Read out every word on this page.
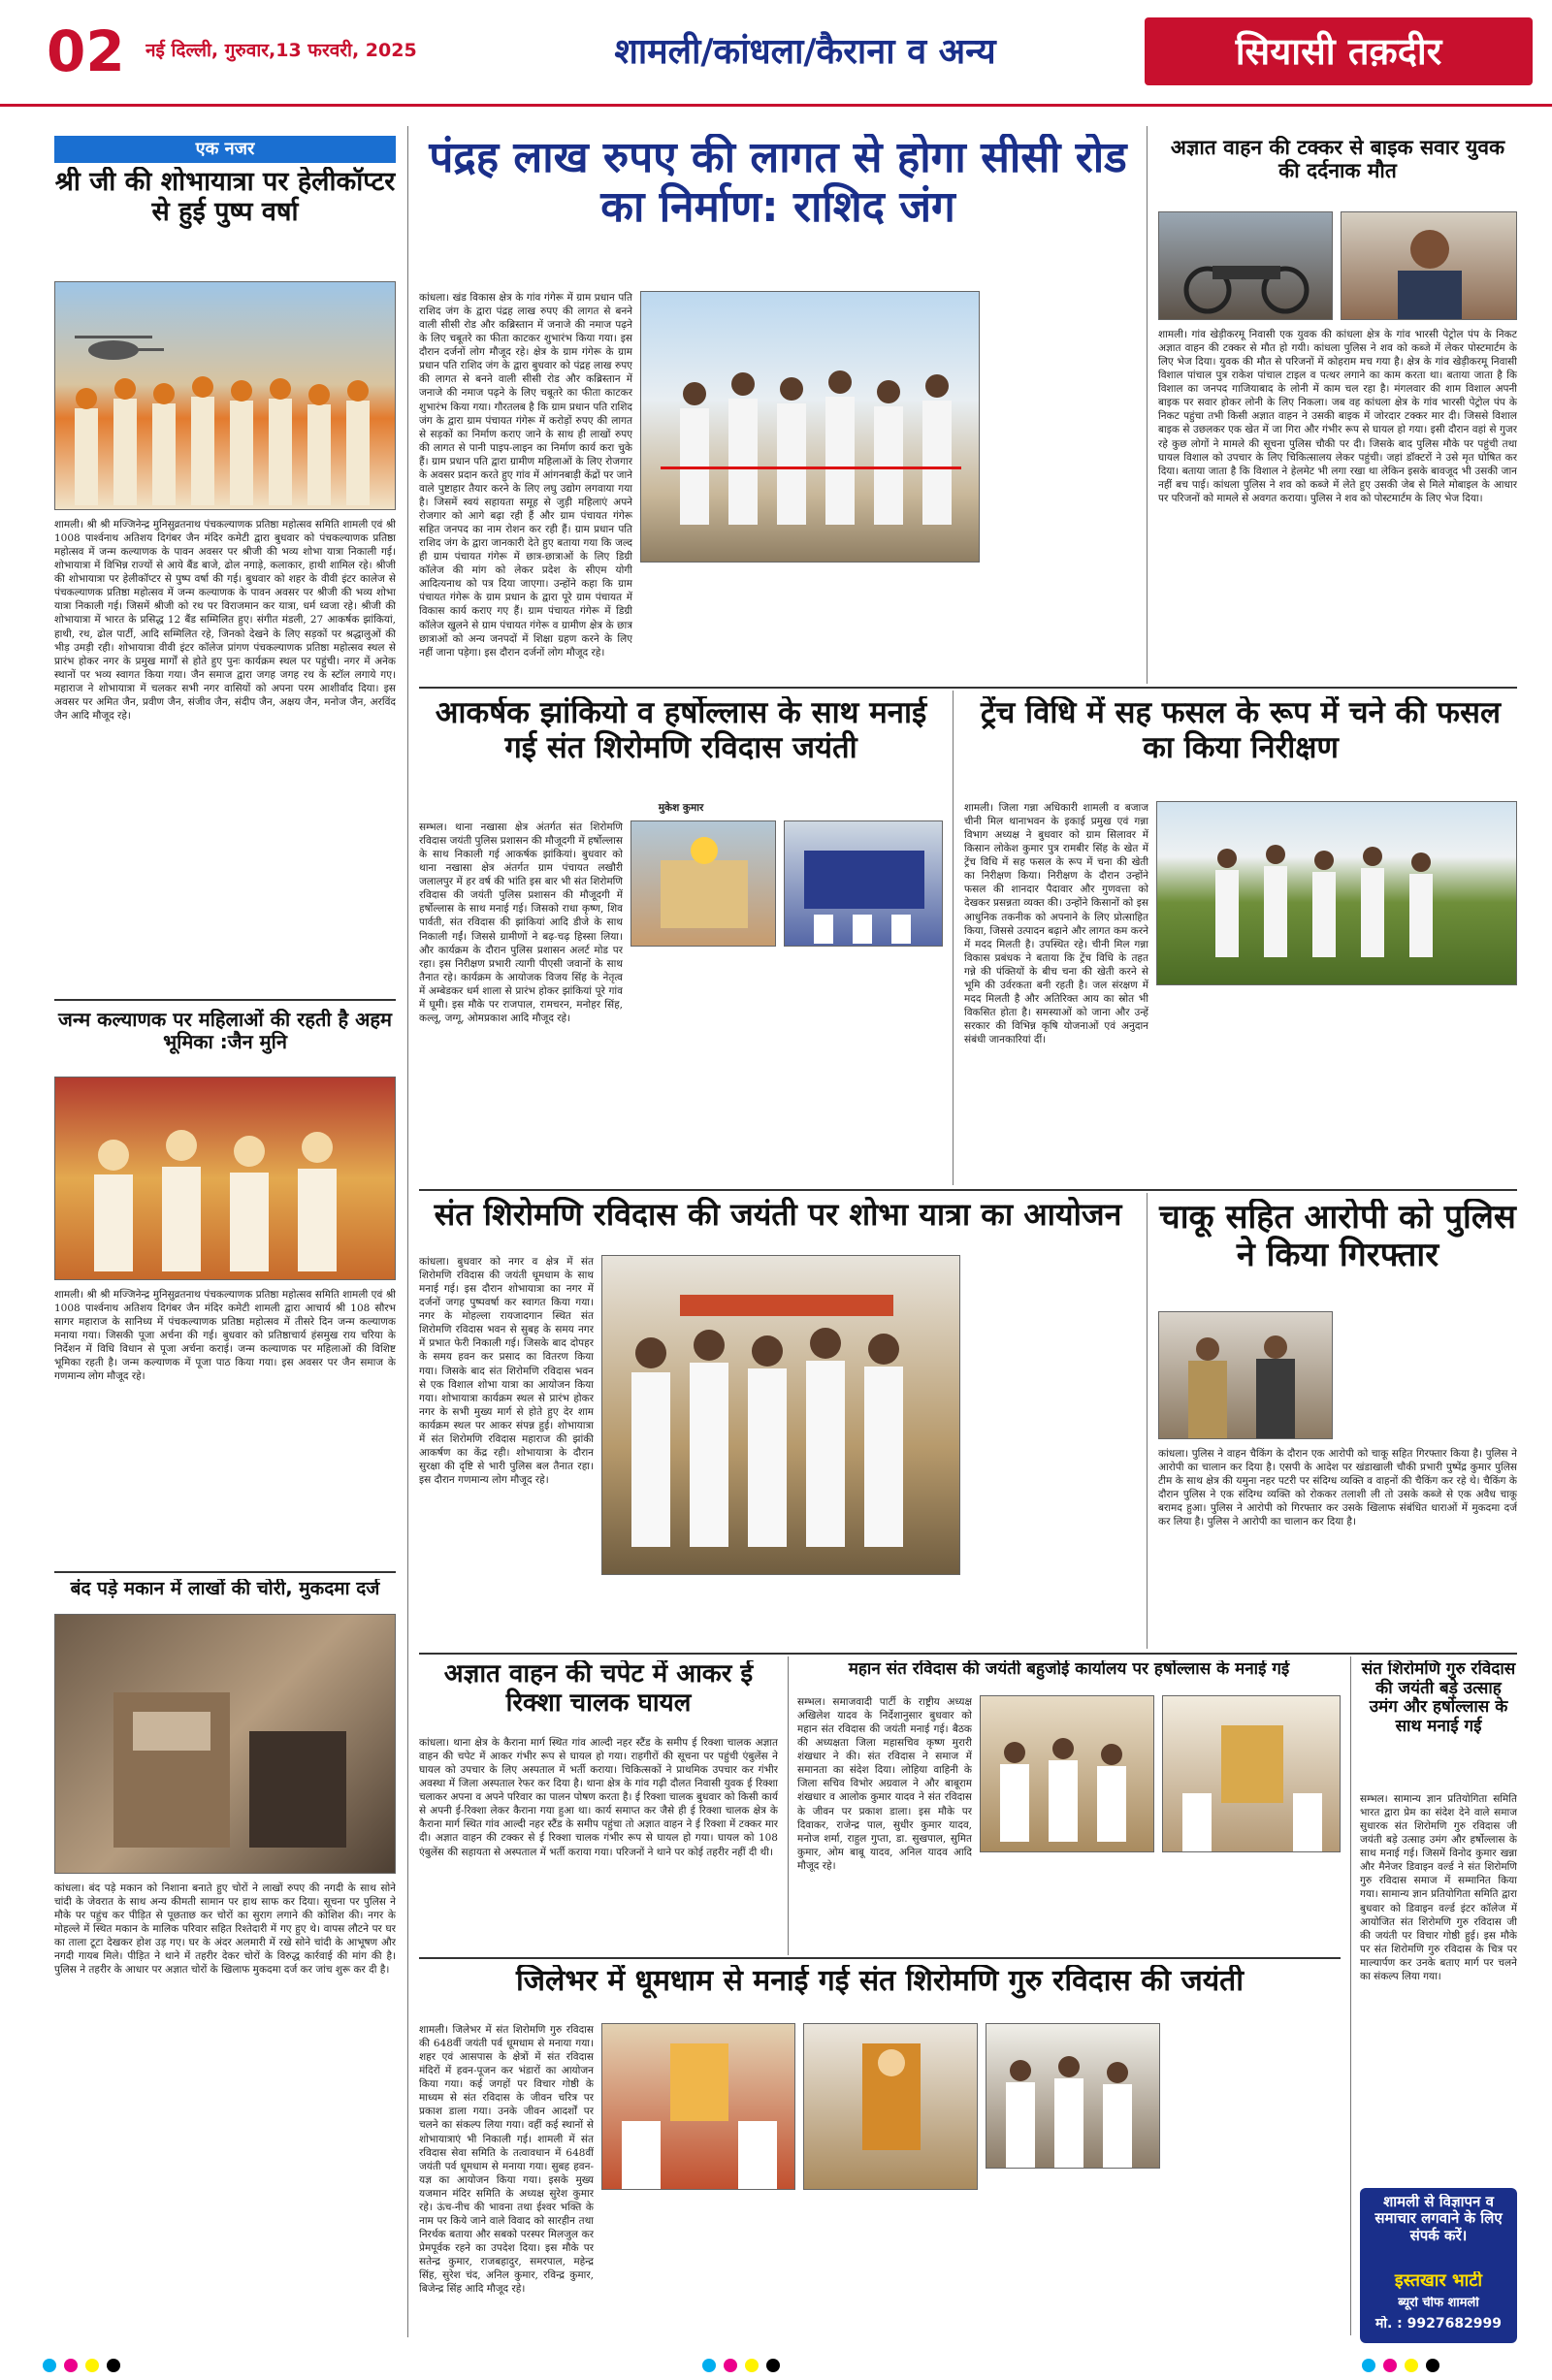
02	नई दिल्ली, गुरुवार,13 फरवरी, 2025	शामली/कांधला/कैराना व अन्य	सियासी तक़दीर
एक नजर
श्री जी की शोभायात्रा पर हेलीकॉप्टर से हुई पुष्प वर्षा
शामली। श्री श्री मज्जिनेन्द्र मुनिसुव्रतनाथ पंचकल्याणक प्रतिष्ठा महोत्सव समिति शामली एवं श्री 1008 पार्श्वनाथ अतिशय दिगंबर जैन मंदिर कमेटी द्वारा बुधवार को पंचकल्याणक प्रतिष्ठा महोत्सव में जन्म कल्याणक के पावन अवसर पर श्रीजी की भव्य शोभा यात्रा निकाली गई। शोभायात्रा में विभिन्न राज्यों से आये बैंड बाजे, ढोल नगाड़े, कलाकार, हाथी शामिल रहे। श्रीजी की शोभायात्रा पर हेलीकॉप्टर से पुष्प वर्षा की गई। बुधवार को शहर के वीवी इंटर कालेज से पंचकल्याणक प्रतिष्ठा महोत्सव में जन्म कल्याणक के पावन अवसर पर श्रीजी की भव्य शोभा यात्रा निकाली गई। जिसमें श्रीजी को रथ पर विराजमान कर यात्रा, धर्म ध्वजा रहे। श्रीजी की शोभायात्रा में भारत के प्रसिद्ध 12 बैंड सम्मिलित हुए। संगीत मंडली, 27 आकर्षक झांकियां, हाथी, रथ, ढोल पार्टी, आदि सम्मिलित रहे, जिनको देखने के लिए सड़कों पर श्रद्धालुओं की भीड़ उमड़ी रही। शोभायात्रा वीवी इंटर कॉलेज प्रांगण पंचकल्याणक प्रतिष्ठा महोत्सव स्थल से प्रारंभ होकर नगर के प्रमुख मार्गों से होते हुए पुनः कार्यक्रम स्थल पर पहुंची। नगर में अनेक स्थानों पर भव्य स्वागत किया गया। जैन समाज द्वारा जगह जगह रथ के स्टॉल लगाये गए। महाराज ने शोभायात्रा में चलकर सभी नगर वासियों को अपना परम आशीर्वाद दिया। इस अवसर पर अमित जैन, प्रवीण जैन, संजीव जैन, संदीप जैन, अक्षय जैन, मनोज जैन, अरविंद जैन आदि मौजूद रहे।
जन्म कल्याणक पर महिलाओं की रहती है अहम भूमिका :जैन मुनि
शामली। श्री श्री मज्जिनेन्द्र मुनिसुव्रतनाथ पंचकल्याणक प्रतिष्ठा महोत्सव समिति शामली एवं श्री 1008 पार्श्वनाथ अतिशय दिगंबर जैन मंदिर कमेटी शामली द्वारा आचार्य श्री 108 सौरभ सागर महाराज के सानिध्य में पंचकल्याणक प्रतिष्ठा महोत्सव में तीसरे दिन जन्म कल्याणक मनाया गया। जिसकी पूजा अर्चना की गई। बुधवार को प्रतिष्ठाचार्य हंसमुख राय चरिया के निर्देशन में विधि विधान से पूजा अर्चना कराई। जन्म कल्याणक पर महिलाओं की विशिष्ट भूमिका रहती है। जन्म कल्याणक में पूजा पाठ किया गया। इस अवसर पर जैन समाज के गणमान्य लोग मौजूद रहे।
बंद पड़े मकान में लाखों की चोरी, मुकदमा दर्ज
कांधला। बंद पड़े मकान को निशाना बनाते हुए चोरों ने लाखों रुपए की नगदी के साथ सोने चांदी के जेवरात के साथ अन्य कीमती सामान पर हाथ साफ कर दिया। सूचना पर पुलिस ने मौके पर पहुंच कर पीड़ित से पूछताछ कर चोरों का सुराग लगाने की कोशिश की। नगर के मोहल्ले में स्थित मकान के मालिक परिवार सहित रिश्तेदारी में गए हुए थे। वापस लौटने पर घर का ताला टूटा देखकर होश उड़ गए। घर के अंदर अलमारी में रखे सोने चांदी के आभूषण और नगदी गायब मिले। पीड़ित ने थाने में तहरीर देकर चोरों के विरुद्ध कार्रवाई की मांग की है। पुलिस ने तहरीर के आधार पर अज्ञात चोरों के खिलाफ मुकदमा दर्ज कर जांच शुरू कर दी है।
पंद्रह लाख रुपए की लागत से होगा सीसी रोड का निर्माण: राशिद जंग
कांधला। खंड विकास क्षेत्र के गांव गंगेरू में ग्राम प्रधान पति राशिद जंग के द्वारा पंद्रह लाख रुपए की लागत से बनने वाली सीसी रोड और कब्रिस्तान में जनाजे की नमाज पढ़ने के लिए चबूतरे का फीता काटकर शुभारंभ किया गया। इस दौरान दर्जनों लोग मौजूद रहे। क्षेत्र के ग्राम गंगेरू के ग्राम प्रधान पति राशिद जंग के द्वारा बुधवार को पंद्रह लाख रुपए की लागत से बनने वाली सीसी रोड और कब्रिस्तान में जनाजे की नमाज पढ़ने के लिए चबूतरे का फीता काटकर शुभारंभ किया गया। गौरतलब है कि ग्राम प्रधान पति राशिद जंग के द्वारा ग्राम पंचायत गंगेरू में करोड़ों रुपए की लागत से सड़कों का निर्माण कराए जाने के साथ ही लाखों रुपए की लागत से पानी पाइप-लाइन का निर्माण कार्य करा चुके हैं। ग्राम प्रधान पति द्वारा ग्रामीण महिलाओं के लिए रोजगार के अवसर प्रदान करते हुए गांव में आंगनबाड़ी केंद्रों पर जाने वाले पुष्टाहार तैयार करने के लिए लघु उद्योग लगवाया गया है। जिसमें स्वयं सहायता समूह से जुड़ी महिलाएं अपने रोजगार को आगे बढ़ा रही हैं और ग्राम पंचायत गंगेरू सहित जनपद का नाम रोशन कर रही हैं। ग्राम प्रधान पति राशिद जंग के द्वारा जानकारी देते हुए बताया गया कि जल्द ही ग्राम पंचायत गंगेरू में छात्र-छात्राओं के लिए डिग्री कॉलेज की मांग को लेकर प्रदेश के सीएम योगी आदित्यनाथ को पत्र दिया जाएगा। उन्होंने कहा कि ग्राम पंचायत गंगेरू के ग्राम प्रधान के द्वारा पूरे ग्राम पंचायत में विकास कार्य कराए गए हैं। ग्राम पंचायत गंगेरू में डिग्री कॉलेज खुलने से ग्राम पंचायत गंगेरू व ग्रामीण क्षेत्र के छात्र छात्राओं को अन्य जनपदों में शिक्षा ग्रहण करने के लिए नहीं जाना पड़ेगा। इस दौरान दर्जनों लोग मौजूद रहे।
अज्ञात वाहन की टक्कर से बाइक सवार युवक की दर्दनाक मौत
शामली। गांव खेड़ीकरमू निवासी एक युवक की कांधला क्षेत्र के गांव भारसी पेट्रोल पंप के निकट अज्ञात वाहन की टक्कर से मौत हो गयी। कांधला पुलिस ने शव को कब्जे में लेकर पोस्टमार्टम के लिए भेज दिया। युवक की मौत से परिजनों में कोहराम मच गया है। क्षेत्र के गांव खेड़ीकरमू निवासी विशाल पांचाल पुत्र राकेश पांचाल टाइल व पत्थर लगाने का काम करता था। बताया जाता है कि विशाल का जनपद गाजियाबाद के लोनी में काम चल रहा है। मंगलवार की शाम विशाल अपनी बाइक पर सवार होकर लोनी के लिए निकला। जब वह कांधला क्षेत्र के गांव भारसी पेट्रोल पंप के निकट पहुंचा तभी किसी अज्ञात वाहन ने उसकी बाइक में जोरदार टक्कर मार दी। जिससे विशाल बाइक से उछलकर एक खेत में जा गिरा और गंभीर रूप से घायल हो गया। इसी दौरान वहां से गुजर रहे कुछ लोगों ने मामले की सूचना पुलिस चौकी पर दी। जिसके बाद पुलिस मौके पर पहुंची तथा घायल विशाल को उपचार के लिए चिकित्सालय लेकर पहुंची। जहां डॉक्टरों ने उसे मृत घोषित कर दिया। बताया जाता है कि विशाल ने हेलमेट भी लगा रखा था लेकिन इसके बावजूद भी उसकी जान नहीं बच पाई। कांधला पुलिस ने शव को कब्जे में लेते हुए उसकी जेब से मिले मोबाइल के आधार पर परिजनों को मामले से अवगत कराया। पुलिस ने शव को पोस्टमार्टम के लिए भेज दिया।
आकर्षक झांकियो व हर्षोल्लास के साथ मनाई गई संत शिरोमणि रविदास जयंती
मुकेश कुमार
सम्भल। थाना नखासा क्षेत्र अंतर्गत संत शिरोमणि रविदास जयंती पुलिस प्रशासन की मौजूदगी में हर्षोल्लास के साथ निकाली गई आकर्षक झांकियां। बुधवार को थाना नखासा क्षेत्र अंतर्गत ग्राम पंचायत लखौरी जलालपुर में हर वर्ष की भांति इस बार भी संत शिरोमणि रविदास की जयंती पुलिस प्रशासन की मौजूदगी में हर्षोल्लास के साथ मनाई गई। जिसको राधा कृष्ण, शिव पार्वती, संत रविदास की झांकियां आदि डीजे के साथ निकाली गईं। जिससे ग्रामीणों ने बढ़-चढ़ हिस्सा लिया। और कार्यक्रम के दौरान पुलिस प्रशासन अलर्ट मोड पर रहा। इस निरीक्षण प्रभारी त्यागी पीएसी जवानों के साथ तैनात रहे। कार्यक्रम के आयोजक विजय सिंह के नेतृत्व में अम्बेडकर धर्म शाला से प्रारंभ होकर झांकियां पूरे गांव में घूमी। इस मौके पर राजपाल, रामचरन, मनोहर सिंह, कल्लू, जग्गू, ओमप्रकाश आदि मौजूद रहे।
ट्रेंच विधि में सह फसल के रूप में चने की फसल का किया निरीक्षण
शामली। जिला गन्ना अधिकारी शामली व बजाज चीनी मिल थानाभवन के इकाई प्रमुख एवं गन्ना विभाग अध्यक्ष ने बुधवार को ग्राम सिलावर में किसान लोकेश कुमार पुत्र रामबीर सिंह के खेत में ट्रेंच विधि में सह फसल के रूप में चना की खेती का निरीक्षण किया। निरीक्षण के दौरान उन्होंने फसल की शानदार पैदावार और गुणवत्ता को देखकर प्रसन्नता व्यक्त की। उन्होंने किसानों को इस आधुनिक तकनीक को अपनाने के लिए प्रोत्साहित किया, जिससे उत्पादन बढ़ाने और लागत कम करने में मदद मिलती है। उपस्थित रहे। चीनी मिल गन्ना विकास प्रबंधक ने बताया कि ट्रेंच विधि के तहत गन्ने की पंक्तियों के बीच चना की खेती करने से भूमि की उर्वरकता बनी रहती है। जल संरक्षण में मदद मिलती है और अतिरिक्त आय का स्रोत भी विकसित होता है। समस्याओं को जाना और उन्हें सरकार की विभिन्न कृषि योजनाओं एवं अनुदान संबंधी जानकारियां दीं।
संत शिरोमणि रविदास की जयंती पर शोभा यात्रा का आयोजन
कांधला। बुधवार को नगर व क्षेत्र में संत शिरोमणि रविदास की जयंती धूमधाम के साथ मनाई गई। इस दौरान शोभायात्रा का नगर में दर्जनों जगह पुष्पवर्षा कर स्वागत किया गया। नगर के मोहल्ला रायजादगान स्थित संत शिरोमणि रविदास भवन से सुबह के समय नगर में प्रभात फेरी निकाली गई। जिसके बाद दोपहर के समय हवन कर प्रसाद का वितरण किया गया। जिसके बाद संत शिरोमणि रविदास भवन से एक विशाल शोभा यात्रा का आयोजन किया गया। शोभायात्रा कार्यक्रम स्थल से प्रारंभ होकर नगर के सभी मुख्य मार्ग से होते हुए देर शाम कार्यक्रम स्थल पर आकर संपन्न हुई। शोभायात्रा में संत शिरोमणि रविदास महाराज की झांकी आकर्षण का केंद्र रही। शोभायात्रा के दौरान सुरक्षा की दृष्टि से भारी पुलिस बल तैनात रहा। इस दौरान गणमान्य लोग मौजूद रहे।
चाकू सहित आरोपी को पुलिस ने किया गिरफ्तार
कांधला। पुलिस ने वाहन चैकिंग के दौरान एक आरोपी को चाकू सहित गिरफ्तार किया है। पुलिस ने आरोपी का चालान कर दिया है। एसपी के आदेश पर खंडाखाली चौकी प्रभारी पुष्पेंद्र कुमार पुलिस टीम के साथ क्षेत्र की यमुना नहर पटरी पर संदिग्ध व्यक्ति व वाहनों की चैकिंग कर रहे थे। चैकिंग के दौरान पुलिस ने एक संदिग्ध व्यक्ति को रोककर तलाशी ली तो उसके कब्जे से एक अवैध चाकू बरामद हुआ। पुलिस ने आरोपी को गिरफ्तार कर उसके खिलाफ संबंधित धाराओं में मुकदमा दर्ज कर लिया है। पुलिस ने आरोपी का चालान कर दिया है।
अज्ञात वाहन की चपेट में आकर ई रिक्शा चालक घायल
कांधला। थाना क्षेत्र के कैराना मार्ग स्थित गांव आल्दी नहर स्टैंड के समीप ई रिक्शा चालक अज्ञात वाहन की चपेट में आकर गंभीर रूप से घायल हो गया। राहगीरों की सूचना पर पहुंची एंबुलेंस ने घायल को उपचार के लिए अस्पताल में भर्ती कराया। चिकित्सकों ने प्राथमिक उपचार कर गंभीर अवस्था में जिला अस्पताल रेफर कर दिया है। थाना क्षेत्र के गांव गढ़ी दौलत निवासी युवक ई रिक्शा चलाकर अपना व अपने परिवार का पालन पोषण करता है। ई रिक्शा चालक बुधवार को किसी कार्य से अपनी ई-रिक्शा लेकर कैराना गया हुआ था। कार्य समाप्त कर जैसे ही ई रिक्शा चालक क्षेत्र के कैराना मार्ग स्थित गांव आल्दी नहर स्टैंड के समीप पहुंचा तो अज्ञात वाहन ने ई रिक्शा में टक्कर मार दी। अज्ञात वाहन की टक्कर से ई रिक्शा चालक गंभीर रूप से घायल हो गया। घायल को 108 एंबुलेंस की सहायता से अस्पताल में भर्ती कराया गया। परिजनों ने थाने पर कोई तहरीर नहीं दी थी।
महान संत रविदास की जयंती बहुजोई कार्यालय पर हर्षोल्लास के मनाई गई
सम्भल। समाजवादी पार्टी के राष्ट्रीय अध्यक्ष अखिलेश यादव के निर्देशानुसार बुधवार को महान संत रविदास की जयंती मनाई गई। बैठक की अध्यक्षता जिला महासचिव कृष्ण मुरारी शंखधार ने की। संत रविदास ने समाज में समानता का संदेश दिया। लोहिया वाहिनी के जिला सचिव विभोर अग्रवाल ने और बाबूराम शंखधार व आलोक कुमार यादव ने संत रविदास के जीवन पर प्रकाश डाला। इस मौके पर दिवाकर, राजेन्द्र पाल, सुधीर कुमार यादव, मनोज शर्मा, राहुल गुप्ता, डा. सुखपाल, सुमित कुमार, ओम बाबू यादव, अनिल यादव आदि मौजूद रहे।
संत शिरोमणि गुरु रविदास की जयंती बड़े उत्साह उमंग और हर्षोल्लास के साथ मनाई गई
सम्भल। सामान्य ज्ञान प्रतियोगिता समिति भारत द्वारा प्रेम का संदेश देने वाले समाज सुधारक संत शिरोमणि गुरु रविदास जी जयंती बड़े उत्साह उमंग और हर्षोल्लास के साथ मनाई गई। जिसमें विनोद कुमार खन्ना और मैनेजर डिवाइन वर्ल्ड ने संत शिरोमणि गुरु रविदास समाज में सम्मानित किया गया। सामान्य ज्ञान प्रतियोगिता समिति द्वारा बुधवार को डिवाइन वर्ल्ड इंटर कॉलेज में आयोजित संत शिरोमणि गुरु रविदास जी की जयंती पर विचार गोष्ठी हुई। इस मौके पर संत शिरोमणि गुरु रविदास के चित्र पर माल्यार्पण कर उनके बताए मार्ग पर चलने का संकल्प लिया गया।
शामली से विज्ञापन व समाचार लगवाने के लिए संपर्क करें।
इस्तखार भाटी
ब्यूरो चीफ शामली
मो. : 9927682999
जिलेभर में धूमधाम से मनाई गई संत शिरोमणि गुरु रविदास की जयंती
शामली। जिलेभर में संत शिरोमणि गुरु रविदास की 648वीं जयंती पर्व धूमधाम से मनाया गया। शहर एवं आसपास के क्षेत्रों में संत रविदास मंदिरों में हवन-पूजन कर भंडारों का आयोजन किया गया। कई जगहों पर विचार गोष्ठी के माध्यम से संत रविदास के जीवन चरित्र पर प्रकाश डाला गया। उनके जीवन आदर्शों पर चलने का संकल्प लिया गया। वहीं कई स्थानों से शोभायात्राएं भी निकाली गई। शामली में संत रविदास सेवा समिति के तत्वावधान में 648वीं जयंती पर्व धूमधाम से मनाया गया। सुबह हवन-यज्ञ का आयोजन किया गया। इसके मुख्य यजमान मंदिर समिति के अध्यक्ष सुरेश कुमार रहे। ऊंच-नीच की भावना तथा ईश्वर भक्ति के नाम पर किये जाने वाले विवाद को सारहीन तथा निरर्थक बताया और सबको परस्पर मिलजुल कर प्रेमपूर्वक रहने का उपदेश दिया। इस मौके पर सतेन्द्र कुमार, राजबहादुर, समरपाल, महेन्द्र सिंह, सुरेश चंद, अनिल कुमार, रविन्द्र कुमार, बिजेन्द्र सिंह आदि मौजूद रहे।
